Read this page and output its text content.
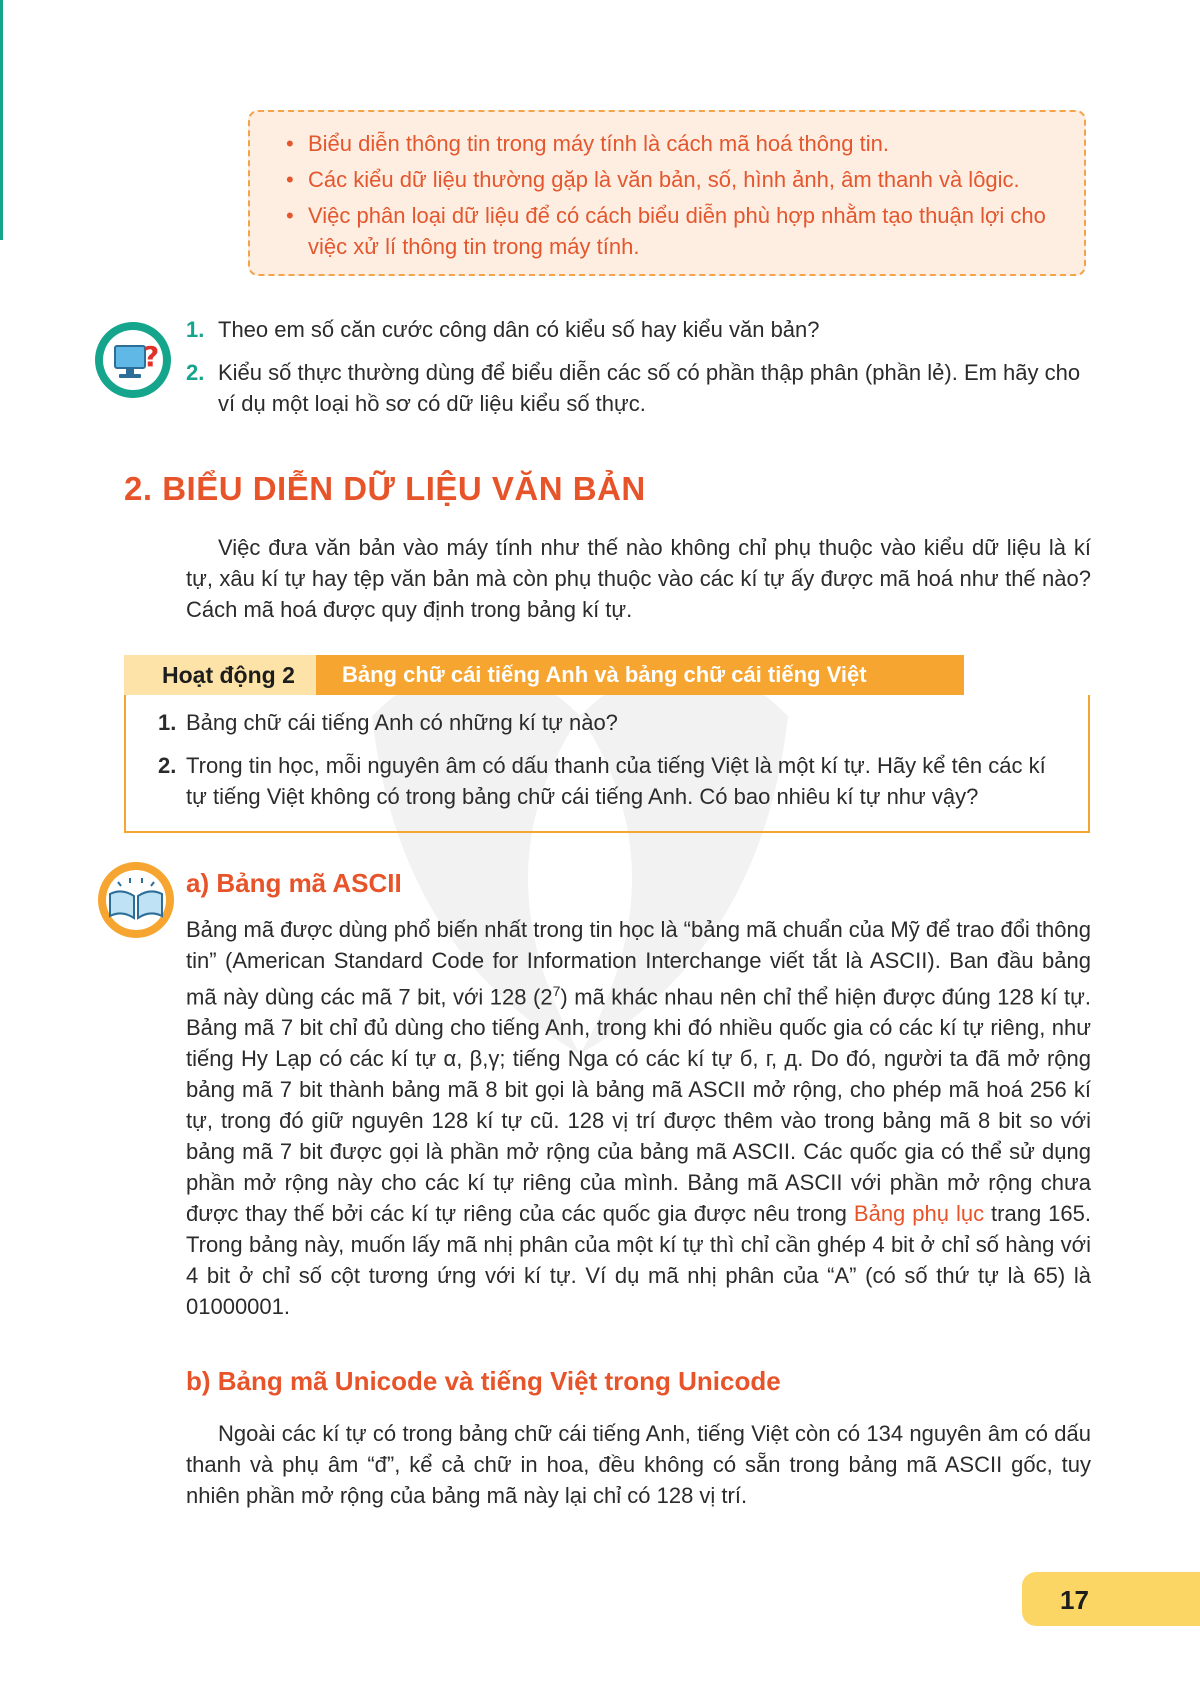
• Biểu diễn thông tin trong máy tính là cách mã hoá thông tin.
• Các kiểu dữ liệu thường gặp là văn bản, số, hình ảnh, âm thanh và lôgic.
• Việc phân loại dữ liệu để có cách biểu diễn phù hợp nhằm tạo thuận lợi cho việc xử lí thông tin trong máy tính.
?
1. Theo em số căn cước công dân có kiểu số hay kiểu văn bản?
2. Kiểu số thực thường dùng để biểu diễn các số có phần thập phân (phần lẻ). Em hãy cho ví dụ một loại hồ sơ có dữ liệu kiểu số thực.
2. BIỂU DIỄN DỮ LIỆU VĂN BẢN

Việc đưa văn bản vào máy tính như thế nào không chỉ phụ thuộc vào kiểu dữ liệu là kí tự, xâu kí tự hay tệp văn bản mà còn phụ thuộc vào các kí tự ấy được mã hoá như thế nào? Cách mã hoá được quy định trong bảng kí tự.

Hoạt động 2	Bảng chữ cái tiếng Anh và bảng chữ cái tiếng Việt
1. Bảng chữ cái tiếng Anh có những kí tự nào?
2. Trong tin học, mỗi nguyên âm có dấu thanh của tiếng Việt là một kí tự. Hãy kể tên các kí tự tiếng Việt không có trong bảng chữ cái tiếng Anh. Có bao nhiêu kí tự như vậy?
a) Bảng mã ASCII

Bảng mã được dùng phổ biến nhất trong tin học là “bảng mã chuẩn của Mỹ để trao đổi thông tin” (American Standard Code for Information Interchange viết tắt là ASCII). Ban đầu bảng mã này dùng các mã 7 bit, với 128 $(2^7)$ mã khác nhau nên chỉ thể hiện được đúng 128 kí tự. Bảng mã 7 bit chỉ đủ dùng cho tiếng Anh, trong khi đó nhiều quốc gia có các kí tự riêng, như tiếng Hy Lạp có các kí tự α, β,γ; tiếng Nga có các kí tự б, г, д. Do đó, người ta đã mở rộng bảng mã 7 bit thành bảng mã 8 bit gọi là bảng mã ASCII mở rộng, cho phép mã hoá 256 kí tự, trong đó giữ nguyên 128 kí tự cũ. 128 vị trí được thêm vào trong bảng mã 8 bit so với bảng mã 7 bit được gọi là phần mở rộng của bảng mã ASCII. Các quốc gia có thể sử dụng phần mở rộng này cho các kí tự riêng của mình. Bảng mã ASCII với phần mở rộng chưa được thay thế bởi các kí tự riêng của các quốc gia được nêu trong Bảng phụ lục trang 165. Trong bảng này, muốn lấy mã nhị phân của một kí tự thì chỉ cần ghép 4 bit ở chỉ số hàng với 4 bit ở chỉ số cột tương ứng với kí tự. Ví dụ mã nhị phân của “A” (có số thứ tự là 65) là 01000001.

b) Bảng mã Unicode và tiếng Việt trong Unicode

Ngoài các kí tự có trong bảng chữ cái tiếng Anh, tiếng Việt còn có 134 nguyên âm có dấu thanh và phụ âm “đ”, kể cả chữ in hoa, đều không có sẵn trong bảng mã ASCII gốc, tuy nhiên phần mở rộng của bảng mã này lại chỉ có 128 vị trí.

17
